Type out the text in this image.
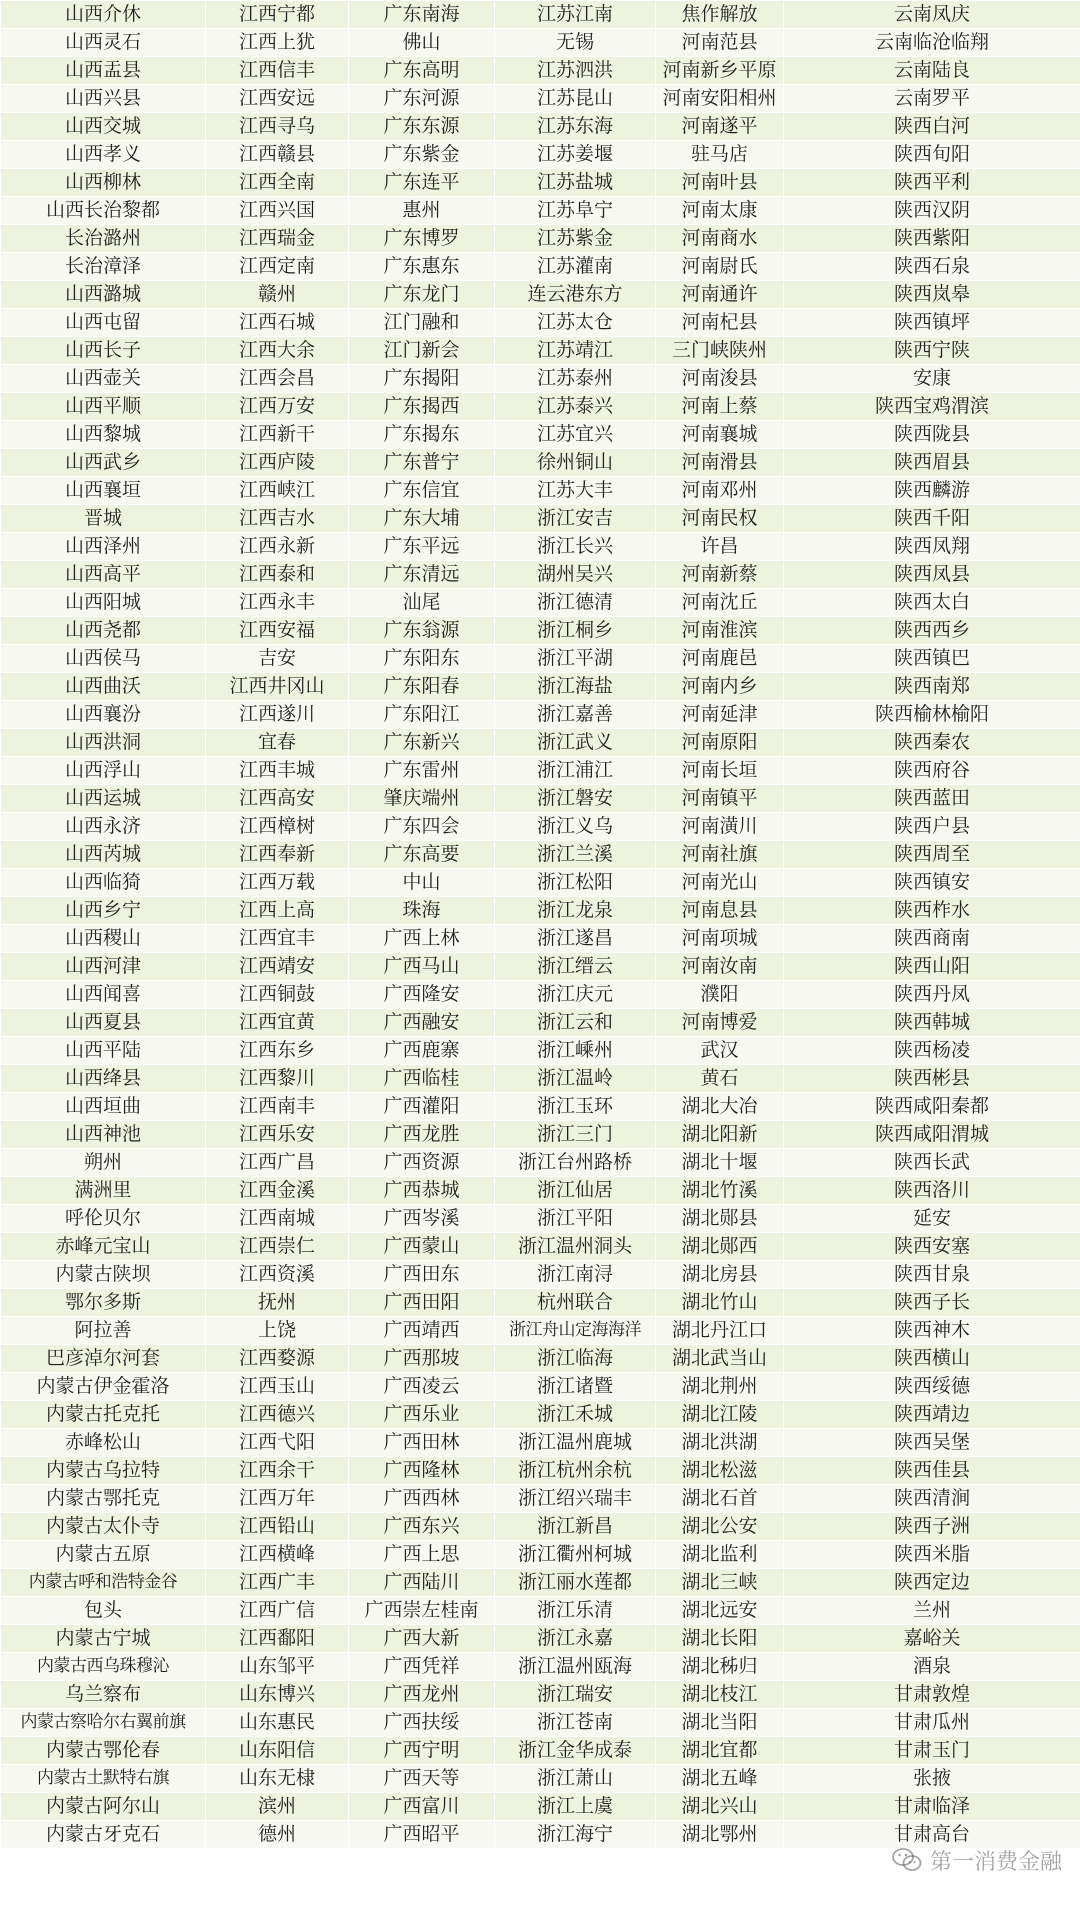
山西介休	江西宁都	广东南海	江苏江南	焦作解放	云南凤庆
山西灵石	江西上犹	佛山	无锡	河南范县	云南临沧临翔
山西盂县	江西信丰	广东高明	江苏泗洪	河南新乡平原	云南陆良
山西兴县	江西安远	广东河源	江苏昆山	河南安阳相州	云南罗平
山西交城	江西寻乌	广东东源	江苏东海	河南遂平	陕西白河
山西孝义	江西赣县	广东紫金	江苏姜堰	驻马店	陕西旬阳
山西柳林	江西全南	广东连平	江苏盐城	河南叶县	陕西平利
山西长治黎都	江西兴国	惠州	江苏阜宁	河南太康	陕西汉阴
长治潞州	江西瑞金	广东博罗	江苏紫金	河南商水	陕西紫阳
长治漳泽	江西定南	广东惠东	江苏灌南	河南尉氏	陕西石泉
山西潞城	赣州	广东龙门	连云港东方	河南通许	陕西岚皋
山西屯留	江西石城	江门融和	江苏太仓	河南杞县	陕西镇坪
山西长子	江西大余	江门新会	江苏靖江	三门峡陕州	陕西宁陕
山西壶关	江西会昌	广东揭阳	江苏泰州	河南浚县	安康
山西平顺	江西万安	广东揭西	江苏泰兴	河南上蔡	陕西宝鸡渭滨
山西黎城	江西新干	广东揭东	江苏宜兴	河南襄城	陕西陇县
山西武乡	江西庐陵	广东普宁	徐州铜山	河南滑县	陕西眉县
山西襄垣	江西峡江	广东信宜	江苏大丰	河南邓州	陕西麟游
晋城	江西吉水	广东大埔	浙江安吉	河南民权	陕西千阳
山西泽州	江西永新	广东平远	浙江长兴	许昌	陕西凤翔
山西高平	江西泰和	广东清远	湖州吴兴	河南新蔡	陕西凤县
山西阳城	江西永丰	汕尾	浙江德清	河南沈丘	陕西太白
山西尧都	江西安福	广东翁源	浙江桐乡	河南淮滨	陕西西乡
山西侯马	吉安	广东阳东	浙江平湖	河南鹿邑	陕西镇巴
山西曲沃	江西井冈山	广东阳春	浙江海盐	河南内乡	陕西南郑
山西襄汾	江西遂川	广东阳江	浙江嘉善	河南延津	陕西榆林榆阳
山西洪洞	宜春	广东新兴	浙江武义	河南原阳	陕西秦农
山西浮山	江西丰城	广东雷州	浙江浦江	河南长垣	陕西府谷
山西运城	江西高安	肇庆端州	浙江磐安	河南镇平	陕西蓝田
山西永济	江西樟树	广东四会	浙江义乌	河南潢川	陕西户县
山西芮城	江西奉新	广东高要	浙江兰溪	河南社旗	陕西周至
山西临猗	江西万载	中山	浙江松阳	河南光山	陕西镇安
山西乡宁	江西上高	珠海	浙江龙泉	河南息县	陕西柞水
山西稷山	江西宜丰	广西上林	浙江遂昌	河南项城	陕西商南
山西河津	江西靖安	广西马山	浙江缙云	河南汝南	陕西山阳
山西闻喜	江西铜鼓	广西隆安	浙江庆元	濮阳	陕西丹凤
山西夏县	江西宜黄	广西融安	浙江云和	河南博爱	陕西韩城
山西平陆	江西东乡	广西鹿寨	浙江嵊州	武汉	陕西杨凌
山西绛县	江西黎川	广西临桂	浙江温岭	黄石	陕西彬县
山西垣曲	江西南丰	广西灌阳	浙江玉环	湖北大冶	陕西咸阳秦都
山西神池	江西乐安	广西龙胜	浙江三门	湖北阳新	陕西咸阳渭城
朔州	江西广昌	广西资源	浙江台州路桥	湖北十堰	陕西长武
满洲里	江西金溪	广西恭城	浙江仙居	湖北竹溪	陕西洛川
呼伦贝尔	江西南城	广西岑溪	浙江平阳	湖北郧县	延安
赤峰元宝山	江西崇仁	广西蒙山	浙江温州洞头	湖北郧西	陕西安塞
内蒙古陕坝	江西资溪	广西田东	浙江南浔	湖北房县	陕西甘泉
鄂尔多斯	抚州	广西田阳	杭州联合	湖北竹山	陕西子长
阿拉善	上饶	广西靖西	浙江舟山定海海洋	湖北丹江口	陕西神木
巴彦淖尔河套	江西婺源	广西那坡	浙江临海	湖北武当山	陕西横山
内蒙古伊金霍洛	江西玉山	广西凌云	浙江诸暨	湖北荆州	陕西绥德
内蒙古托克托	江西德兴	广西乐业	浙江禾城	湖北江陵	陕西靖边
赤峰松山	江西弋阳	广西田林	浙江温州鹿城	湖北洪湖	陕西吴堡
内蒙古乌拉特	江西余干	广西隆林	浙江杭州余杭	湖北松滋	陕西佳县
内蒙古鄂托克	江西万年	广西西林	浙江绍兴瑞丰	湖北石首	陕西清涧
内蒙古太仆寺	江西铅山	广西东兴	浙江新昌	湖北公安	陕西子洲
内蒙古五原	江西横峰	广西上思	浙江衢州柯城	湖北监利	陕西米脂
内蒙古呼和浩特金谷	江西广丰	广西陆川	浙江丽水莲都	湖北三峡	陕西定边
包头	江西广信	广西崇左桂南	浙江乐清	湖北远安	兰州
内蒙古宁城	江西鄱阳	广西大新	浙江永嘉	湖北长阳	嘉峪关
内蒙古西乌珠穆沁	山东邹平	广西凭祥	浙江温州瓯海	湖北秭归	酒泉
乌兰察布	山东博兴	广西龙州	浙江瑞安	湖北枝江	甘肃敦煌
内蒙古察哈尔右翼前旗	山东惠民	广西扶绥	浙江苍南	湖北当阳	甘肃瓜州
内蒙古鄂伦春	山东阳信	广西宁明	浙江金华成泰	湖北宜都	甘肃玉门
内蒙古土默特右旗	山东无棣	广西天等	浙江萧山	湖北五峰	张掖
内蒙古阿尔山	滨州	广西富川	浙江上虞	湖北兴山	甘肃临泽
内蒙古牙克石	德州	广西昭平	浙江海宁	湖北鄂州	甘肃高台
第一消费金融
